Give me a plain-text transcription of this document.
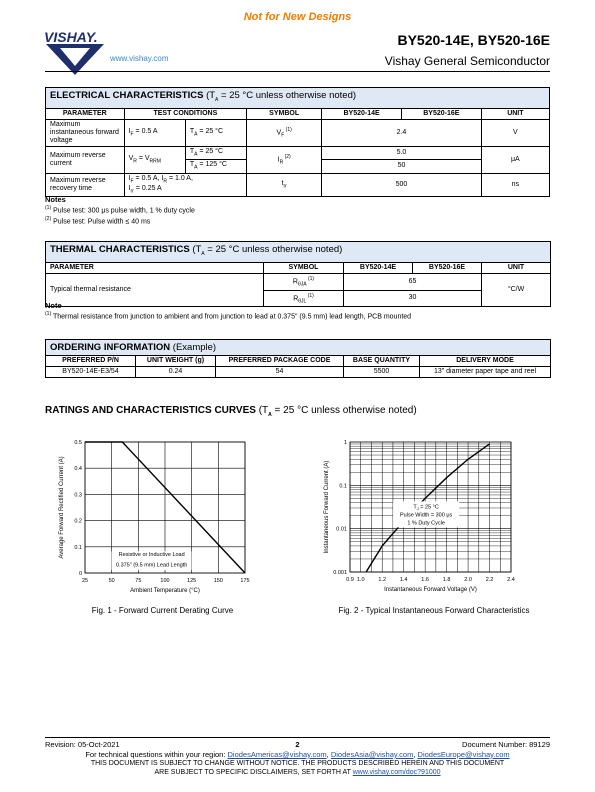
Not for New Designs
VISHAY.
www.vishay.com
BY520-14E, BY520-16E
Vishay General Semiconductor
ELECTRICAL CHARACTERISTICS ($T_A = 25$ °C unless otherwise noted)						
PARAMETER	TEST CONDITIONS		SYMBOL	BY520-14E	BY520-16E	UNIT
Maximum instantaneous forward voltage	$I_F = 0.5$ A	$T_A = 25$ °C	$V_F$ $^{(1)}$	2.4		V
Maximum reverse current	$V_R = V_{RRM}$	$T_A = 25$ °C	$I_R$ $^{(2)}$	5.0		μA
		$T_A = 125$ °C		50		
Maximum reverse recovery time	$I_F = 0.5$ A, $I_R = 1.0$ A,
$I_{rr} = 0.25$ A		$t_{rr}$	500		ns
Notes
$^{(1)}$ Pulse test: 300 μs pulse width, 1 % duty cycle
$^{(2)}$ Pulse test: Pulse width ≤ 40 ms
THERMAL CHARACTERISTICS ($T_A = 25$ °C unless otherwise noted)				
PARAMETER	SYMBOL	BY520-14E	BY520-16E	UNIT
Typical thermal resistance	$R_{\theta JA}$ $^{(1)}$	65		°C/W
	$R_{\theta JL}$ $^{(1)}$	30		
Note
$^{(1)}$ Thermal resistance from junction to ambient and from junction to lead at 0.375" (9.5 mm) lead length, PCB mounted
ORDERING INFORMATION (Example)				
PREFERRED P/N	UNIT WEIGHT (g)	PREFERRED PACKAGE CODE	BASE QUANTITY	DELIVERY MODE
BY520-14E-E3/54	0.24	54	5500	13" diameter paper tape and reel
RATINGS AND CHARACTERISTICS CURVES ($T_A = 25$ °C unless otherwise noted)
25	50	75	100	125	150	175
0
0.1
0.2
0.3
0.4
0.5
Resistive or Inductive Load
0.375" (9.5 mm) Lead Length
Ambient Temperature (°C)
Average Forward Rectified Current (A)
Fig. 1 - Forward Current Derating Curve
0.9 1.0	1.2	1.4	1.6	1.8	2.0	2.2	2.4
0.001
0.01
0.1
1
$T_J = 25$ °C
Pulse Width = 300 μs
1 % Duty Cycle
Instantaneous Forward Voltage (V)
Instantaneous Forward Current (A)
Fig. 2 - Typical Instantaneous Forward Characteristics
Revision: 05-Oct-2021	2	Document Number: 89129
For technical questions within your region: DiodesAmericas@vishay.com, DiodesAsia@vishay.com, DiodesEurope@vishay.com
THIS DOCUMENT IS SUBJECT TO CHANGE WITHOUT NOTICE. THE PRODUCTS DESCRIBED HEREIN AND THIS DOCUMENT
ARE SUBJECT TO SPECIFIC DISCLAIMERS, SET FORTH AT www.vishay.com/doc?91000
